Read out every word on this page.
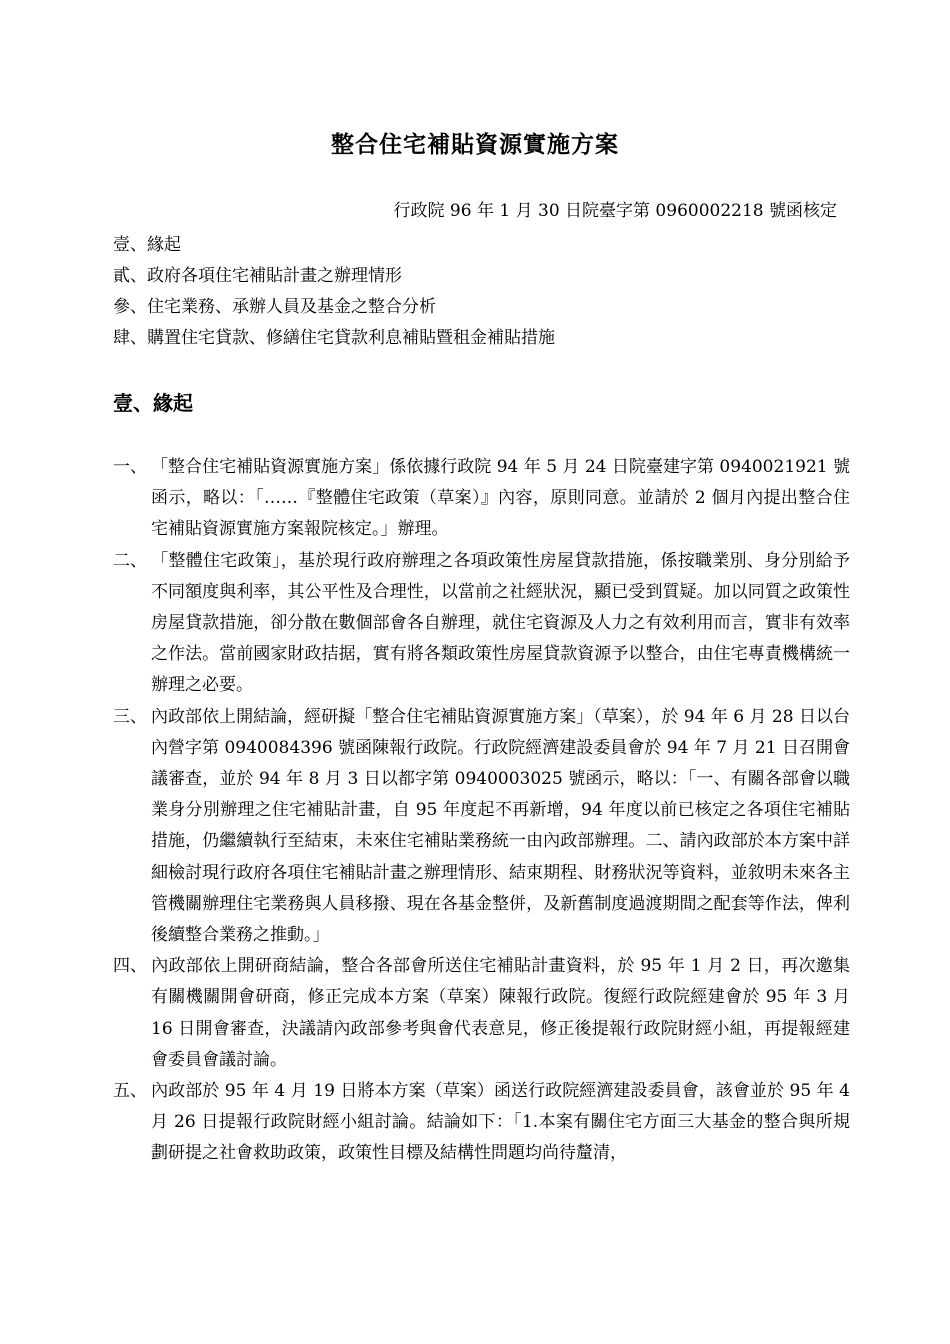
整合住宅補貼資源實施方案

行政院 96 年 1 月 30 日院臺字第 0960002218 號函核定

壹、緣起
貳、政府各項住宅補貼計畫之辦理情形
參、住宅業務、承辦人員及基金之整合分析
肆、購置住宅貸款、修繕住宅貸款利息補貼暨租金補貼措施
壹、緣起
一、 「整合住宅補貼資源實施方案」係依據行政院 94 年 5 月 24 日院臺建字第 0940021921 號函示，略以：「……『整體住宅政策（草案）』內容，原則同意。並請於 2 個月內提出整合住宅補貼資源實施方案報院核定。」辦理。
二、 「整體住宅政策」，基於現行政府辦理之各項政策性房屋貸款措施，係按職業別、身分別給予不同額度與利率，其公平性及合理性，以當前之社經狀況，顯已受到質疑。加以同質之政策性房屋貸款措施，卻分散在數個部會各自辦理，就住宅資源及人力之有效利用而言，實非有效率之作法。當前國家財政拮据，實有將各類政策性房屋貸款資源予以整合，由住宅專責機構統一辦理之必要。
三、 內政部依上開結論，經研擬「整合住宅補貼資源實施方案」（草案），於 94 年 6 月 28 日以台內營字第 0940084396 號函陳報行政院。行政院經濟建設委員會於 94 年 7 月 21 日召開會議審查，並於 94 年 8 月 3 日以都字第 0940003025 號函示，略以：「一、有關各部會以職業身分別辦理之住宅補貼計畫，自 95 年度起不再新增，94 年度以前已核定之各項住宅補貼措施，仍繼續執行至結束，未來住宅補貼業務統一由內政部辦理。二、請內政部於本方案中詳細檢討現行政府各項住宅補貼計畫之辦理情形、結束期程、財務狀況等資料，並敘明未來各主管機關辦理住宅業務與人員移撥、現在各基金整併，及新舊制度過渡期間之配套等作法，俾利後續整合業務之推動。」
四、 內政部依上開研商結論，整合各部會所送住宅補貼計畫資料，於 95 年 1 月 2 日，再次邀集有關機關開會研商，修正完成本方案（草案）陳報行政院。復經行政院經建會於 95 年 3 月 16 日開會審查，決議請內政部參考與會代表意見，修正後提報行政院財經小組，再提報經建會委員會議討論。
五、 內政部於 95 年 4 月 19 日將本方案（草案）函送行政院經濟建設委員會，該會並於 95 年 4 月 26 日提報行政院財經小組討論。結論如下：「1.本案有關住宅方面三大基金的整合與所規劃研提之社會救助政策，政策性目標及結構性問題均尚待釐清，
